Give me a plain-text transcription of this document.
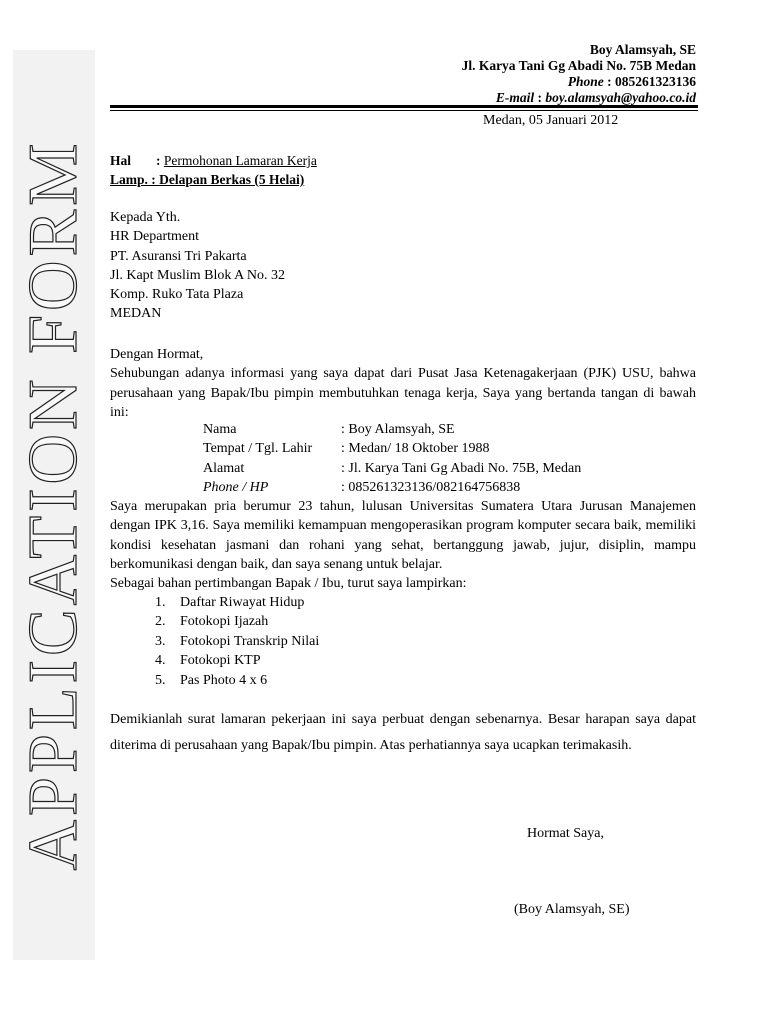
APPLICATION FORM
Boy Alamsyah, SE
Jl. Karya Tani Gg Abadi No. 75B Medan
Phone : 085261323136
E-mail : boy.alamsyah@yahoo.co.id
Medan, 05 Januari 2012
Hal : Permohonan Lamaran Kerja
Lamp. : Delapan Berkas (5 Helai)
Kepada Yth.
HR Department
PT. Asuransi Tri Pakarta
Jl. Kapt Muslim Blok A No. 32
Komp. Ruko Tata Plaza
MEDAN
Dengan Hormat,
Sehubungan adanya informasi yang saya dapat dari Pusat Jasa Ketenagakerjaan (PJK) USU, bahwa perusahaan yang Bapak/Ibu pimpin membutuhkan tenaga kerja, Saya yang bertanda tangan di bawah ini:
Nama	: Boy Alamsyah, SE
Tempat / Tgl. Lahir : Medan/ 18 Oktober 1988
Alamat	: Jl. Karya Tani Gg Abadi No. 75B, Medan
Phone / HP	: 085261323136/082164756838
Saya merupakan pria berumur 23 tahun, lulusan Universitas Sumatera Utara Jurusan Manajemen dengan IPK 3,16. Saya memiliki kemampuan mengoperasikan program komputer secara baik, memiliki kondisi kesehatan jasmani dan rohani yang sehat, bertanggung jawab, jujur, disiplin, mampu berkomunikasi dengan baik, dan saya senang untuk belajar.
Sebagai bahan pertimbangan Bapak / Ibu, turut saya lampirkan:
1. Daftar Riwayat Hidup
2. Fotokopi Ijazah
3. Fotokopi Transkrip Nilai
4. Fotokopi KTP
5. Pas Photo 4 x 6
Demikianlah surat lamaran pekerjaan ini saya perbuat dengan sebenarnya. Besar harapan saya dapat diterima di perusahaan yang Bapak/Ibu pimpin. Atas perhatiannya saya ucapkan terimakasih.
Hormat Saya,
(Boy Alamsyah, SE)
